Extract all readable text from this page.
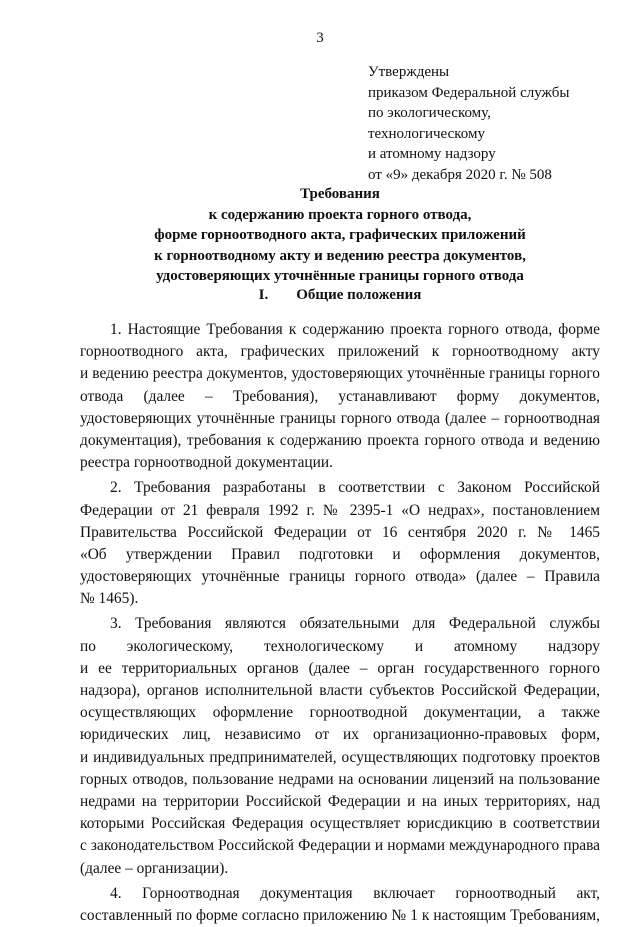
3
Утверждены
приказом Федеральной службы
по экологическому,
технологическому
и атомному надзору
от «9» декабря 2020 г. № 508
Требования
к содержанию проекта горного отвода,
форме горноотводного акта, графических приложений
к горноотводному акту и ведению реестра документов,
удостоверяющих уточнённые границы горного отвода
I. Общие положения
1. Настоящие Требования к содержанию проекта горного отвода, форме
горноотводного акта, графических приложений к горноотводному акту
и ведению реестра документов, удостоверяющих уточнённые границы горного
отвода (далее – Требования), устанавливают форму документов,
удостоверяющих уточнённые границы горного отвода (далее – горноотводная
документация), требования к содержанию проекта горного отвода и ведению
реестра горноотводной документации.
2. Требования разработаны в соответствии с Законом Российской
Федерации от 21 февраля 1992 г. № 2395-1 «О недрах», постановлением
Правительства Российской Федерации от 16 сентября 2020 г. № 1465
«Об утверждении Правил подготовки и оформления документов,
удостоверяющих уточнённые границы горного отвода» (далее – Правила
№ 1465).
3. Требования являются обязательными для Федеральной службы
по экологическому, технологическому и атомному надзору
и ее территориальных органов (далее – орган государственного горного
надзора), органов исполнительной власти субъектов Российской Федерации,
осуществляющих оформление горноотводной документации, а также
юридических лиц, независимо от их организационно-правовых форм,
и индивидуальных предпринимателей, осуществляющих подготовку проектов
горных отводов, пользование недрами на основании лицензий на пользование
недрами на территории Российской Федерации и на иных территориях, над
которыми Российская Федерация осуществляет юрисдикцию в соответствии
с законодательством Российской Федерации и нормами международного права
(далее – организации).
4. Горноотводная документация включает горноотводный акт,
составленный по форме согласно приложению № 1 к настоящим Требованиям,
